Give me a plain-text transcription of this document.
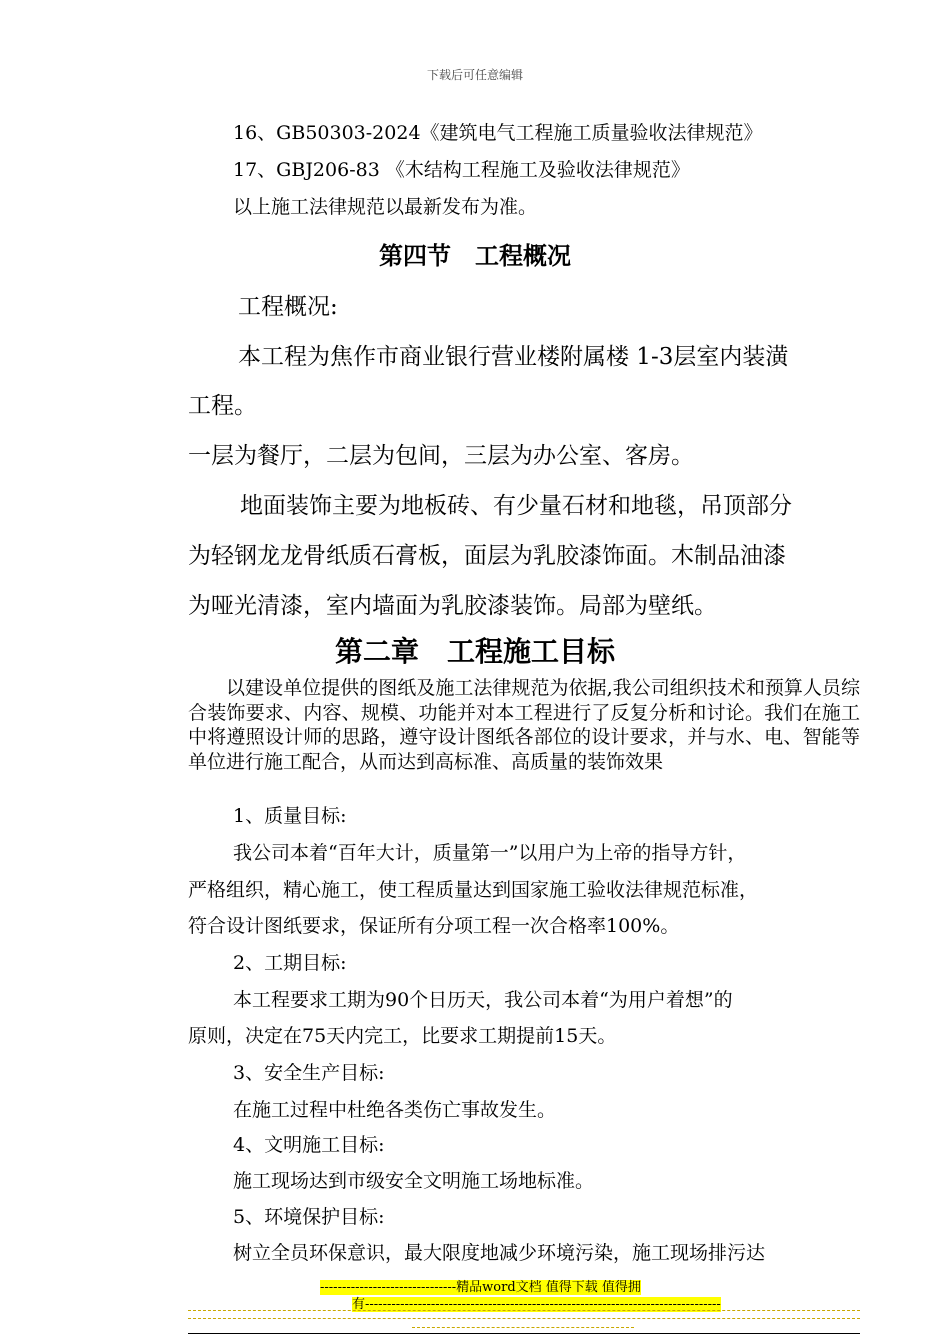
下载后可任意编辑
16、GB50303-2024《建筑电气工程施工质量验收法律规范》
17、GBJ206-83 《木结构工程施工及验收法律规范》
以上施工法律规范以最新发布为准。
第四节　工程概况
工程概况:
本工程为焦作市商业银行营业楼附属楼 1-3层室内装潢
工程。
一层为餐厅，二层为包间，三层为办公室、客房。
地面装饰主要为地板砖、有少量石材和地毯，吊顶部分
为轻钢龙龙骨纸质石膏板，面层为乳胶漆饰面。木制品油漆
为哑光清漆，室内墙面为乳胶漆装饰。局部为壁纸。
第二章　工程施工目标

以建设单位提供的图纸及施工法律规范为依据,我公司组织技术和预算人员综合装饰要求、内容、规模、功能并对本工程进行了反复分析和讨论。我们在施工中将遵照设计师的思路，遵守设计图纸各部位的设计要求，并与水、电、智能等单位进行施工配合，从而达到高标准、高质量的装饰效果

1、质量目标:
我公司本着“百年大计，质量第一”以用户为上帝的指导方针，
严格组织，精心施工，使工程质量达到国家施工验收法律规范标准，
符合设计图纸要求，保证所有分项工程一次合格率100%。
2、工期目标:
本工程要求工期为90个日历天，我公司本着“为用户着想”的
原则，决定在75天内完工，比要求工期提前15天。
3、安全生产目标:
在施工过程中杜绝各类伤亡事故发生。
4、文明施工目标:
施工现场达到市级安全文明施工场地标准。
5、环境保护目标:
树立全员环保意识，最大限度地减少环境污染，施工现场排污达
-------------------------------精品word文档 值得下载 值得拥
有---------------------------------------------------------------------------------
